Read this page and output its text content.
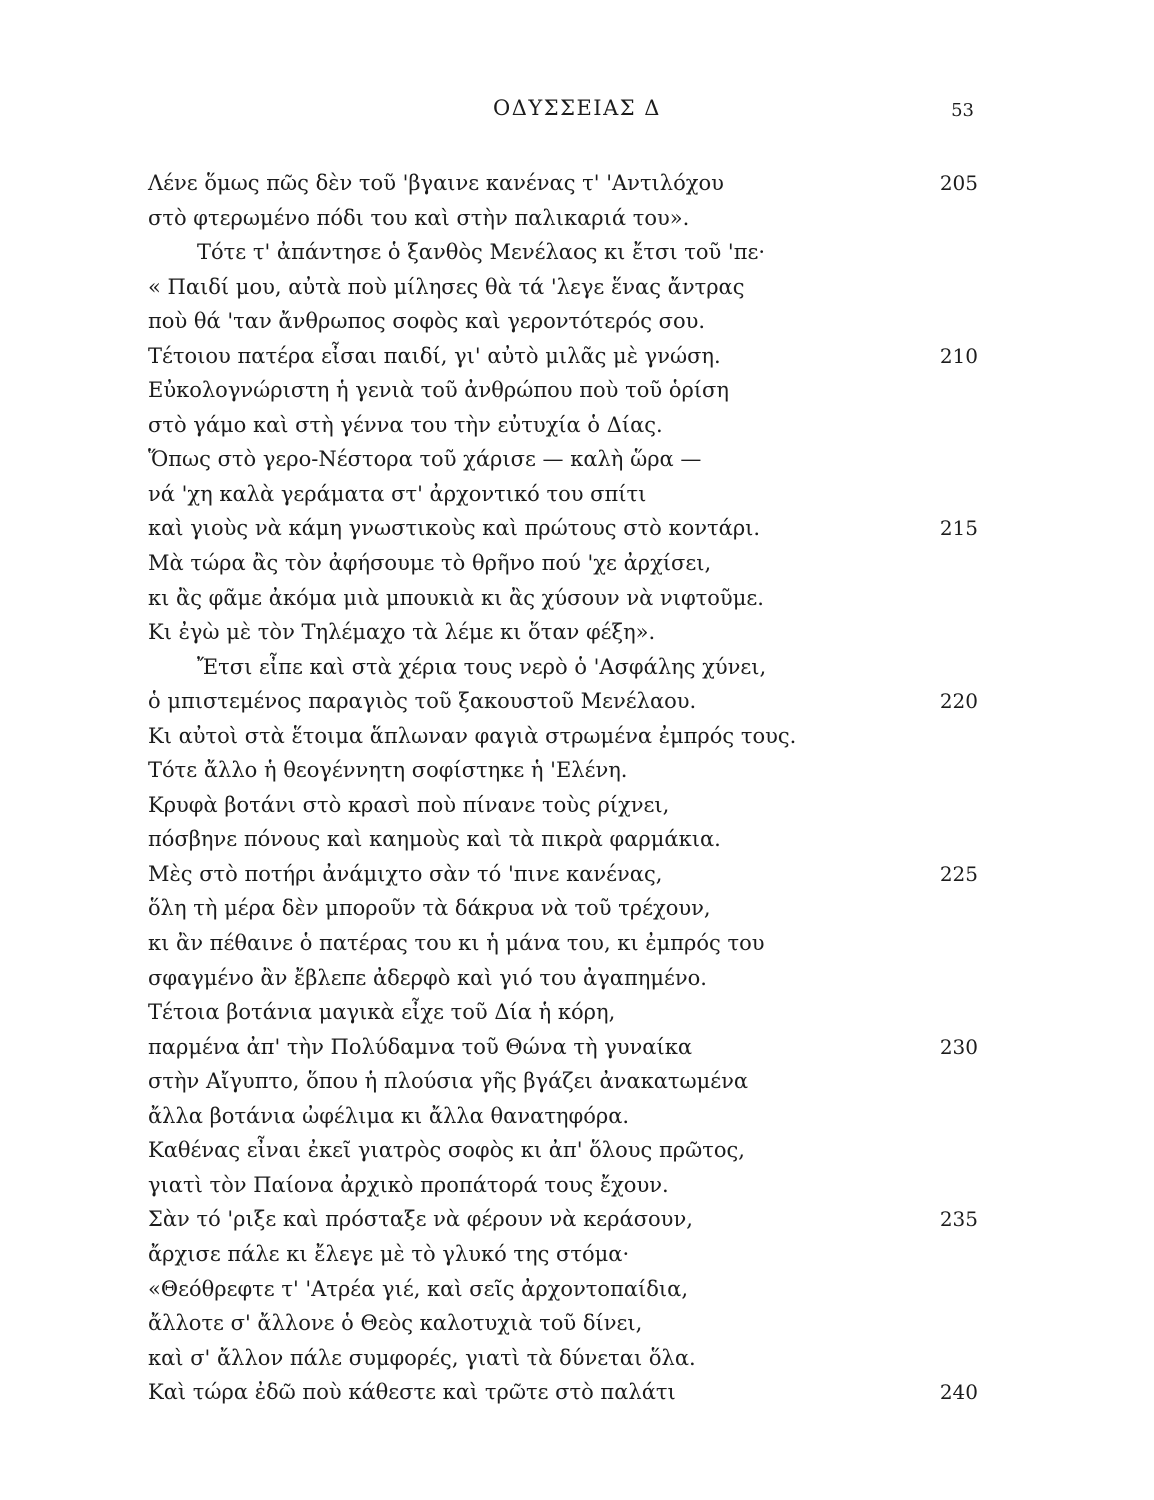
ΟΔΥΣΣΕΙΑΣ Δ	53
Λένε ὅμως πῶς δὲν τοῦ 'βγαινε κανένας τ' 'Αντιλόχου	205
στὸ φτερωμένο πόδι του καὶ στὴν παλικαριά του».
Τότε τ' ἀπάντησε ὁ ξανθὸς Μενέλαος κι ἔτσι τοῦ 'πε·
« Παιδί μου, αὐτὰ ποὺ μίλησες θὰ τά 'λεγε ἕνας ἄντρας
ποὺ θά 'ταν ἄνθρωπος σοφὸς καὶ γεροντότερός σου.
Τέτοιου πατέρα εἶσαι παιδί, γι' αὐτὸ μιλᾶς μὲ γνώση.	210
Εὐκολογνώριστη ἡ γενιὰ τοῦ ἀνθρώπου ποὺ τοῦ ὁρίση
στὸ γάμο καὶ στὴ γέννα του τὴν εὐτυχία ὁ Δίας.
Ὅπως στὸ γερο-Νέστορα τοῦ χάρισε — καλὴ ὥρα —
νά 'χη καλὰ γεράματα στ' ἀρχοντικό του σπίτι
καὶ γιοὺς νὰ κάμη γνωστικοὺς καὶ πρώτους στὸ κοντάρι.	215
Μὰ τώρα ἂς τὸν ἀφήσουμε τὸ θρῆνο πού 'χε ἀρχίσει,
κι ἂς φᾶμε ἀκόμα μιὰ μπουκιὰ κι ἂς χύσουν νὰ νιφτοῦμε.
Κι ἐγὼ μὲ τὸν Τηλέμαχο τὰ λέμε κι ὅταν φέξη».
Ἔτσι εἶπε καὶ στὰ χέρια τους νερὸ ὁ 'Ασφάλης χύνει,
ὁ μπιστεμένος παραγιὸς τοῦ ξακουστοῦ Μενέλαου.	220
Κι αὐτοὶ στὰ ἕτοιμα ἅπλωναν φαγιὰ στρωμένα ἐμπρός τους.
Τότε ἄλλο ἡ θεογέννητη σοφίστηκε ἡ 'Ελένη.
Κρυφὰ βοτάνι στὸ κρασὶ ποὺ πίνανε τοὺς ρίχνει,
πόσβηνε πόνους καὶ καημοὺς καὶ τὰ πικρὰ φαρμάκια.
Μὲς στὸ ποτήρι ἀνάμιχτο σὰν τό 'πινε κανένας,	225
ὅλη τὴ μέρα δὲν μποροῦν τὰ δάκρυα νὰ τοῦ τρέχουν,
κι ἂν πέθαινε ὁ πατέρας του κι ἡ μάνα του, κι ἐμπρός του
σφαγμένο ἂν ἔβλεπε ἀδερφὸ καὶ γιό του ἀγαπημένο.
Τέτοια βοτάνια μαγικὰ εἶχε τοῦ Δία ἡ κόρη,
παρμένα ἀπ' τὴν Πολύδαμνα τοῦ Θώνα τὴ γυναίκα	230
στὴν Αἴγυπτο, ὅπου ἡ πλούσια γῆς βγάζει ἀνακατωμένα
ἄλλα βοτάνια ὠφέλιμα κι ἄλλα θανατηφόρα.
Καθένας εἶναι ἐκεῖ γιατρὸς σοφὸς κι ἀπ' ὅλους πρῶτος,
γιατὶ τὸν Παίονα ἀρχικὸ προπάτορά τους ἔχουν.
Σὰν τό 'ριξε καὶ πρόσταξε νὰ φέρουν νὰ κεράσουν,	235
ἄρχισε πάλε κι ἔλεγε μὲ τὸ γλυκό της στόμα·
«Θεόθρεφτε τ' 'Ατρέα γιέ, καὶ σεῖς ἀρχοντοπαίδια,
ἄλλοτε σ' ἄλλονε ὁ Θεὸς καλοτυχιὰ τοῦ δίνει,
καὶ σ' ἄλλον πάλε συμφορές, γιατὶ τὰ δύνεται ὅλα.
Καὶ τώρα ἐδῶ ποὺ κάθεστε καὶ τρῶτε στὸ παλάτι	240
